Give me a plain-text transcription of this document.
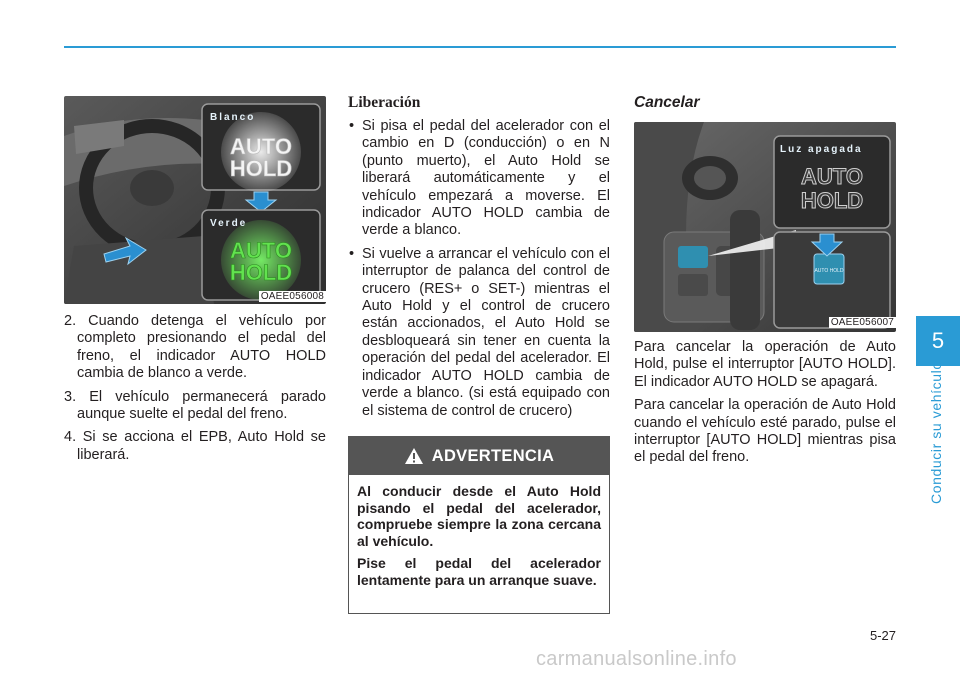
Blanco
AUTO
HOLD
Verde
AUTO
HOLD
OAEE056008

2. Cuando detenga el vehículo por completo presionando el pedal del freno, el indicador AUTO HOLD cambia de blanco a verde.

3. El vehículo permanecerá parado aunque suelte el pedal del freno.

4. Si se acciona el EPB, Auto Hold se liberará.

Liberación
• Si pisa el pedal del acelerador con el cambio en D (conducción) o en N (punto muerto), el Auto Hold se liberará automáticamente y el vehículo empezará a moverse. El indicador AUTO HOLD cambia de verde a blanco.
• Si vuelve a arrancar el vehículo con el interruptor de palanca del control de crucero (RES+ o SET-) mientras el Auto Hold y el control de crucero están accionados, el Auto Hold se desbloqueará sin tener en cuenta la operación del pedal del acelerador. El indicador AUTO HOLD cambia de verde a blanco. (si está equipado con el sistema de control de crucero)
ADVERTENCIA

Al conducir desde el Auto Hold pisando el pedal del acelerador, compruebe siempre la zona cercana al vehículo.

Pise el pedal del acelerador lentamente para un arranque suave.

Cancelar
Luz apagada
AUTO
HOLD
AUTO HOLD
OAEE056007

Para cancelar la operación de Auto Hold, pulse el interruptor [AUTO HOLD]. El indicador AUTO HOLD se apagará.

Para cancelar la operación de Auto Hold cuando el vehículo esté parado, pulse el interruptor [AUTO HOLD] mientras pisa el pedal del freno.

5
Conducir su vehículo
5-27
carmanualsonline.info
